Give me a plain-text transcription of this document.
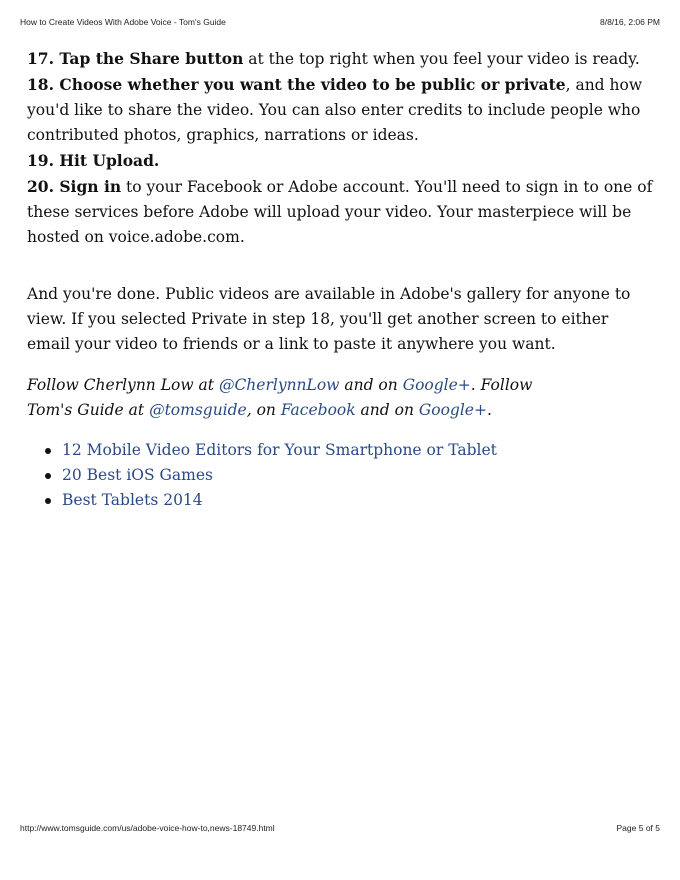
How to Create Videos With Adobe Voice - Tom's Guide	8/8/16, 2:06 PM

17. Tap the Share button at the top right when you feel your video is ready.

18. Choose whether you want the video to be public or private, and how you'd like to share the video. You can also enter credits to include people who contributed photos, graphics, narrations or ideas.

19. Hit Upload.

20. Sign in to your Facebook or Adobe account. You'll need to sign in to one of these services before Adobe will upload your video. Your masterpiece will be hosted on voice.adobe.com.

And you're done. Public videos are available in Adobe's gallery for anyone to view. If you selected Private in step 18, you'll get another screen to either email your video to friends or a link to paste it anywhere you want.

Follow Cherlynn Low at @CherlynnLow and on Google+. Follow
Tom's Guide at @tomsguide, on Facebook and on Google+.

12 Mobile Video Editors for Your Smartphone or Tablet
20 Best iOS Games
Best Tablets 2014
http://www.tomsguide.com/us/adobe-voice-how-to,news-18749.html	Page 5 of 5
